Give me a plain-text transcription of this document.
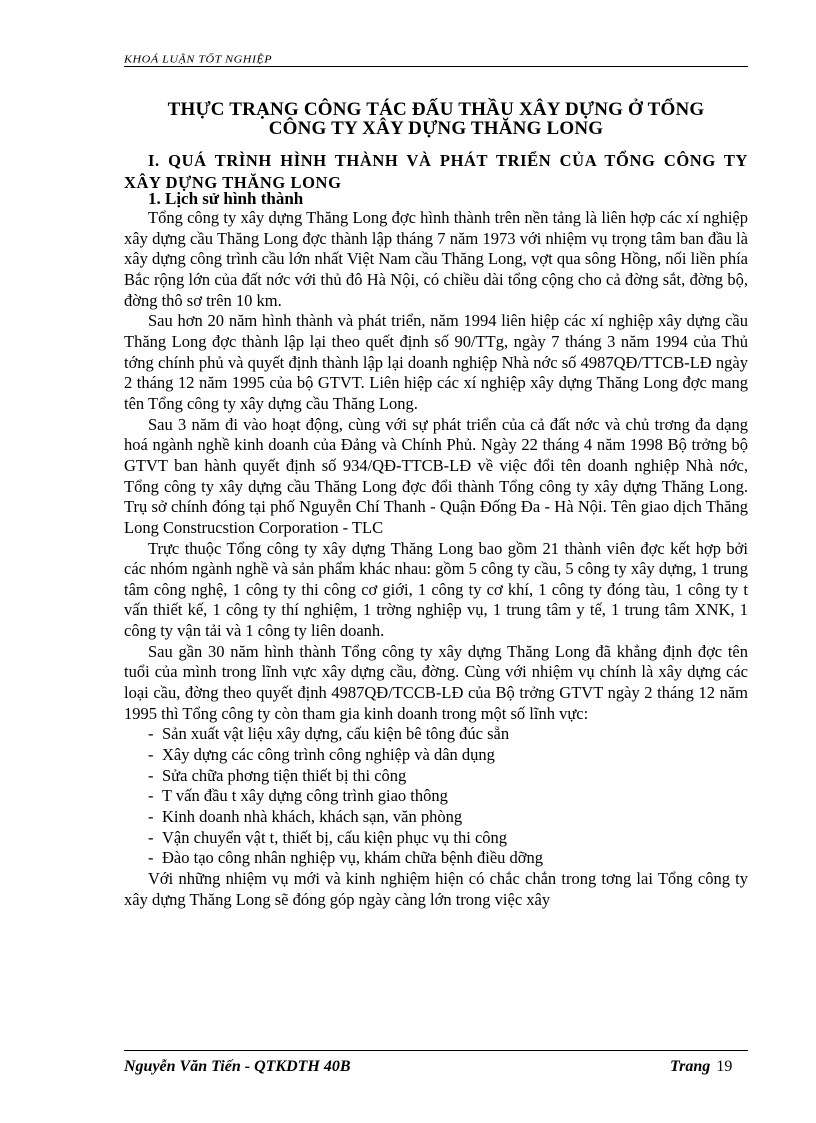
KHOÁ LUẬN TỐT NGHIỆP
THỰC TRẠNG CÔNG TÁC ĐẤU THẦU XÂY DỰNG Ở TỔNG
CÔNG TY XÂY DỰNG THĂNG LONG
I. QUÁ TRÌNH HÌNH THÀNH VÀ PHÁT TRIỂN CỦA TỔNG CÔNG TY XÂY DỰNG THĂNG LONG
1. Lịch sử hình thành

Tổng công ty xây dựng Thăng Long đợc hình thành trên nền tảng là liên hợp các xí nghiệp xây dựng cầu Thăng Long đợc thành lập tháng 7 năm 1973 với nhiệm vụ trọng tâm ban đầu là xây dựng công trình cầu lớn nhất Việt Nam cầu Thăng Long, vợt qua sông Hồng, nối liền phía Bắc rộng lớn của đất nớc với thủ đô Hà Nội, có chiều dài tổng cộng cho cả đờng sắt, đờng bộ, đờng thô sơ trên 10 km.

Sau hơn 20 năm hình thành và phát triển, năm 1994 liên hiệp các xí nghiệp xây dựng cầu Thăng Long đợc thành lập lại theo quết định số 90/TTg, ngày 7 tháng 3 năm 1994 của Thủ tớng chính phủ và quyết định thành lập lại doanh nghiệp Nhà nớc số 4987QĐ/TTCB-LĐ ngày 2 tháng 12 năm 1995 của bộ GTVT. Liên hiệp các xí nghiệp xây dựng Thăng Long đợc mang tên Tổng công ty xây dựng cầu Thăng Long.

Sau 3 năm đi vào hoạt động, cùng với sự phát triển của cả đất nớc và chủ trơng đa dạng hoá ngành nghề kinh doanh của Đảng và Chính Phủ. Ngày 22 tháng 4 năm 1998 Bộ trởng bộ GTVT ban hành quyết định số 934/QĐ-TTCB-LĐ về việc đổi tên doanh nghiệp Nhà nớc, Tổng công ty xây dựng cầu Thăng Long đợc đổi thành Tổng công ty xây dựng Thăng Long. Trụ sở chính đóng tại phố Nguyễn Chí Thanh - Quận Đống Đa - Hà Nội. Tên giao dịch Thăng Long Construcstion Corporation - TLC

Trực thuộc Tổng công ty xây dựng Thăng Long bao gồm 21 thành viên đợc kết hợp bởi các nhóm ngành nghề và sản phẩm khác nhau: gồm 5 công ty cầu, 5 công ty xây dựng, 1 trung tâm công nghệ, 1 công ty thi công cơ giới, 1 công ty cơ khí, 1 công ty đóng tàu, 1 công ty t vấn thiết kế, 1 công ty thí nghiệm, 1 trờng nghiệp vụ, 1 trung tâm y tế, 1 trung tâm XNK, 1 công ty vận tải và 1 công ty liên doanh.

Sau gần 30 năm hình thành Tổng công ty xây dựng Thăng Long đã khẳng định đợc tên tuổi của mình trong lĩnh vực xây dựng cầu, đờng. Cùng với nhiệm vụ chính là xây dựng các loại cầu, đờng theo quyết định 4987QĐ/TCCB-LĐ của Bộ trởng GTVT ngày 2 tháng 12 năm 1995 thì Tổng công ty còn tham gia kinh doanh trong một số lĩnh vực:

- Sản xuất vật liệu xây dựng, cấu kiện bê tông đúc sẵn
- Xây dựng các công trình công nghiệp và dân dụng
- Sửa chữa phơng tiện thiết bị thi công
- T vấn đầu t xây dựng công trình giao thông
- Kinh doanh nhà khách, khách sạn, văn phòng
- Vận chuyển vật t, thiết bị, cấu kiện phục vụ thi công
- Đào tạo công nhân nghiệp vụ, khám chữa bệnh điều dỡng

Với những nhiệm vụ mới và kinh nghiệm hiện có chắc chắn trong tơng lai Tổng công ty xây dựng Thăng Long sẽ đóng góp ngày càng lớn trong việc xây

Nguyễn Văn Tiến - QTKDTH 40B	Trang 19
